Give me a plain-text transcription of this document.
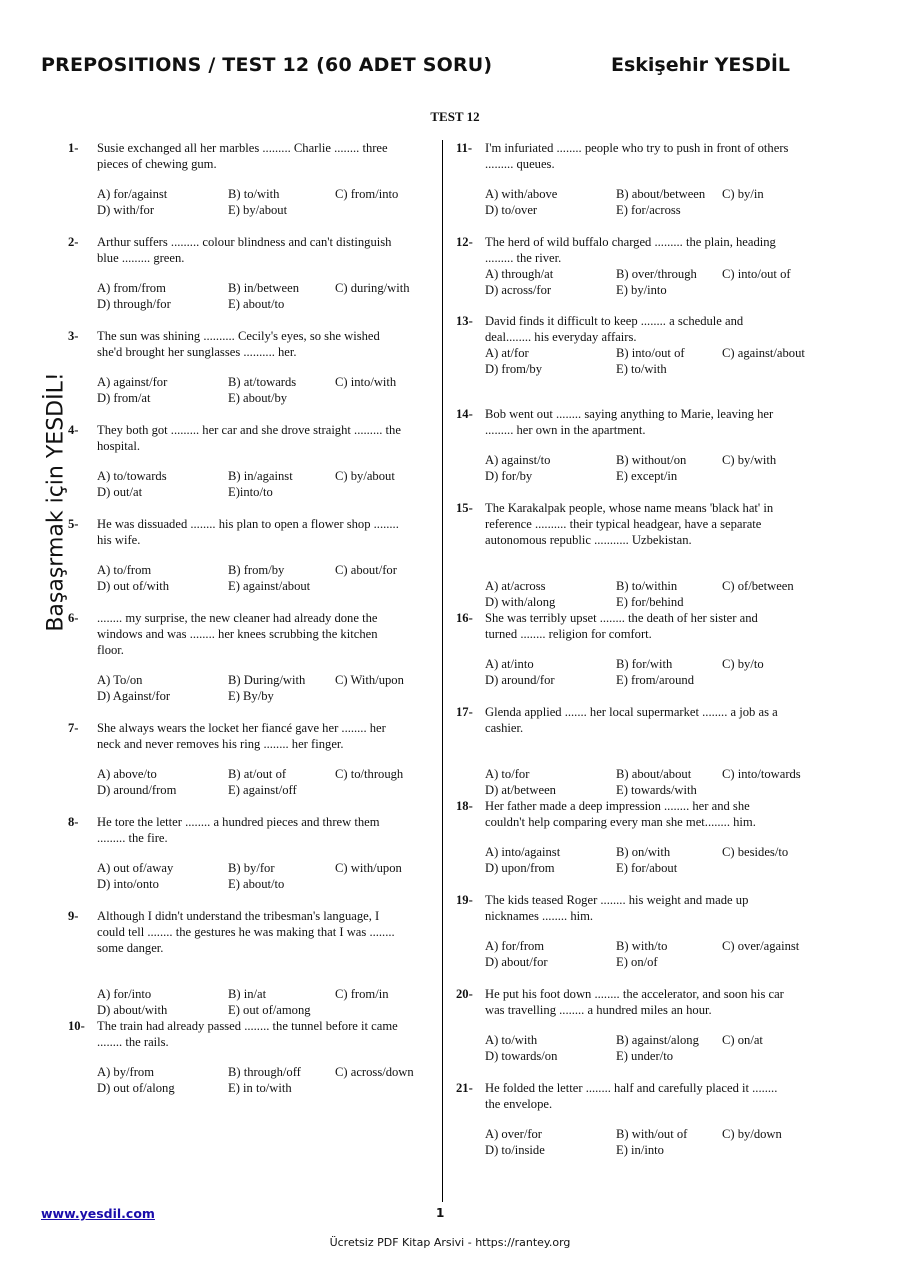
PREPOSITIONS / TEST 12 (60 ADET SORU)	Eskişehir YESDİL
TEST 12
Başaşrmak için YESDİL!
1- Susie exchanged all her marbles ......... Charlie ........ three
pieces of chewing gum.
A) for/against	B) to/with	C) from/into
D) with/for	E) by/about
2- Arthur suffers ......... colour blindness and can't distinguish
blue ......... green.
A) from/from	B) in/between	C) during/with
D) through/for	E) about/to
3- The sun was shining .......... Cecily's eyes, so she wished
she'd brought her sunglasses .......... her.
A) against/for	B) at/towards	C) into/with
D) from/at	E) about/by
4- They both got ......... her car and she drove straight ......... the
hospital.
A) to/towards	B) in/against	C) by/about
D) out/at	E)into/to
5- He was dissuaded ........ his plan to open a flower shop ........
his wife.
A) to/from	B) from/by	C) about/for
D) out of/with	E) against/about
6- ........ my surprise, the new cleaner had already done the
windows and was ........ her knees scrubbing the kitchen
floor.
A) To/on	B) During/with C) With/upon
D) Against/for	E) By/by
7- She always wears the locket her fiancé gave her ........ her
neck and never removes his ring ........ her finger.
A) above/to	B) at/out of	C) to/through
D) around/from	E) against/off
8- He tore the letter ........ a hundred pieces and threw them
......... the fire.
A) out of/away	B) by/for	C) with/upon
D) into/onto	E) about/to
9- Although I didn't understand the tribesman's language, I
could tell ........ the gestures he was making that I was ........
some danger.
A) for/into	B) in/at	C) from/in
D) about/with	E) out of/among
10- The train had already passed ........ the tunnel before it came
........ the rails.
A) by/from	B) through/off	C) across/down
D) out of/along	E) in to/with
11- I'm infuriated ........ people who try to push in front of others
......... queues.
A) with/above	B) about/between C) by/in
D) to/over	E) for/across
12- The herd of wild buffalo charged ......... the plain, heading
......... the river.
A) through/at	B) over/through C) into/out of
D) across/for	E) by/into
13- David finds it difficult to keep ........ a schedule and
deal........ his everyday affairs.
A) at/for	B) into/out of	C) against/about
D) from/by	E) to/with
14- Bob went out ........ saying anything to Marie, leaving her
......... her own in the apartment.
A) against/to	B) without/on	C) by/with
D) for/by	E) except/in
15- The Karakalpak people, whose name means 'black hat' in
reference .......... their typical headgear, have a separate
autonomous republic ........... Uzbekistan.
A) at/across	B) to/within	C) of/between
D) with/along	E) for/behind
16- She was terribly upset ........ the death of her sister and
turned ........ religion for comfort.
A) at/into	B) for/with	C) by/to
D) around/for	E) from/around
17- Glenda applied ....... her local supermarket ........ a job as a
cashier.
A) to/for	B) about/about C) into/towards
D) at/between	E) towards/with
18- Her father made a deep impression ........ her and she
couldn't help comparing every man she met........ him.
A) into/against	B) on/with	C) besides/to
D) upon/from	E) for/about
19- The kids teased Roger ........ his weight and made up
nicknames ........ him.
A) for/from	B) with/to	C) over/against
D) about/for	E) on/of
20- He put his foot down ........ the accelerator, and soon his car
was travelling ........ a hundred miles an hour.
A) to/with	B) against/along C) on/at
D) towards/on	E) under/to
21- He folded the letter ........ half and carefully placed it ........
the envelope.
A) over/for	B) with/out of	C) by/down
D) to/inside	E) in/into
www.yesdil.com	1
Ücretsiz PDF Kitap Arsivi - https://rantey.org
